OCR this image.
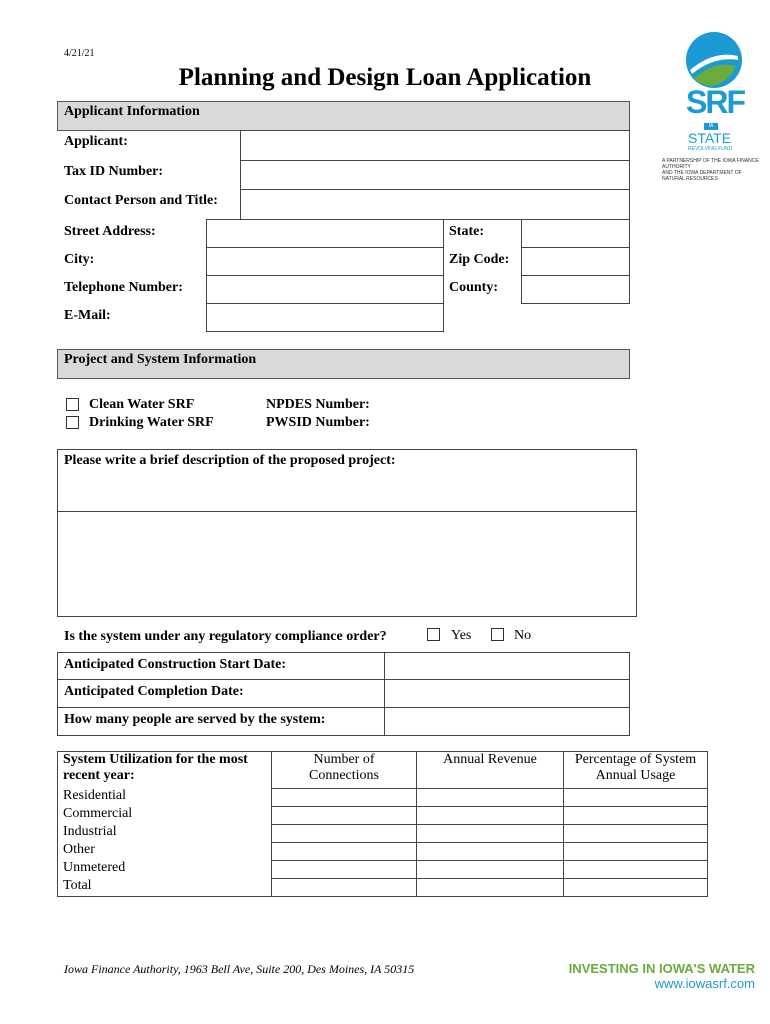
4/21/21
Planning and Design Loan Application
SRF
IA
STATE
REVOLVING FUND
A PARTNERSHIP OF THE IOWA FINANCE AUTHORITY
AND THE IOWA DEPARTMENT OF NATURAL RESOURCES
Applicant Information
Applicant:
Tax ID Number:
Contact Person and Title:
Street Address:	State:
City:	Zip Code:
Telephone Number:	County:
E-Mail:
Project and System Information
Clean Water SRF
Drinking Water SRF
NPDES Number:
PWSID Number:
Please write a brief description of the proposed project:
Is the system under any regulatory compliance order?	Yes	No
Anticipated Construction Start Date:
Anticipated Completion Date:
How many people are served by the system:
System Utilization for the most recent year:	Number of Connections	Annual Revenue	Percentage of System Annual Usage
Residential			
Commercial			
Industrial			
Other			
Unmetered			
Total			
Iowa Finance Authority, 1963 Bell Ave, Suite 200, Des Moines, IA 50315	INVESTING IN IOWA'S WATER
www.iowasrf.com
